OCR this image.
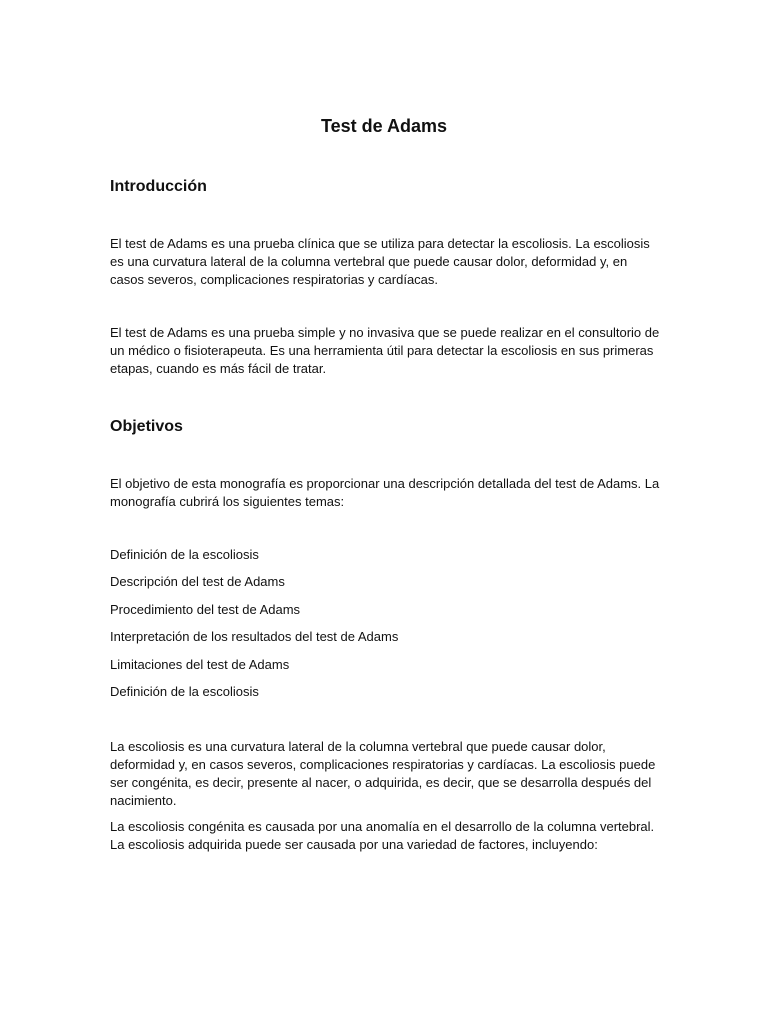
Test de Adams
Introducción

El test de Adams es una prueba clínica que se utiliza para detectar la escoliosis. La escoliosis es una curvatura lateral de la columna vertebral que puede causar dolor, deformidad y, en casos severos, complicaciones respiratorias y cardíacas.

El test de Adams es una prueba simple y no invasiva que se puede realizar en el consultorio de un médico o fisioterapeuta. Es una herramienta útil para detectar la escoliosis en sus primeras etapas, cuando es más fácil de tratar.

Objetivos

El objetivo de esta monografía es proporcionar una descripción detallada del test de Adams. La monografía cubrirá los siguientes temas:

Definición de la escoliosis
Descripción del test de Adams
Procedimiento del test de Adams
Interpretación de los resultados del test de Adams
Limitaciones del test de Adams
Definición de la escoliosis

La escoliosis es una curvatura lateral de la columna vertebral que puede causar dolor, deformidad y, en casos severos, complicaciones respiratorias y cardíacas. La escoliosis puede ser congénita, es decir, presente al nacer, o adquirida, es decir, que se desarrolla después del nacimiento.

La escoliosis congénita es causada por una anomalía en el desarrollo de la columna vertebral. La escoliosis adquirida puede ser causada por una variedad de factores, incluyendo:
